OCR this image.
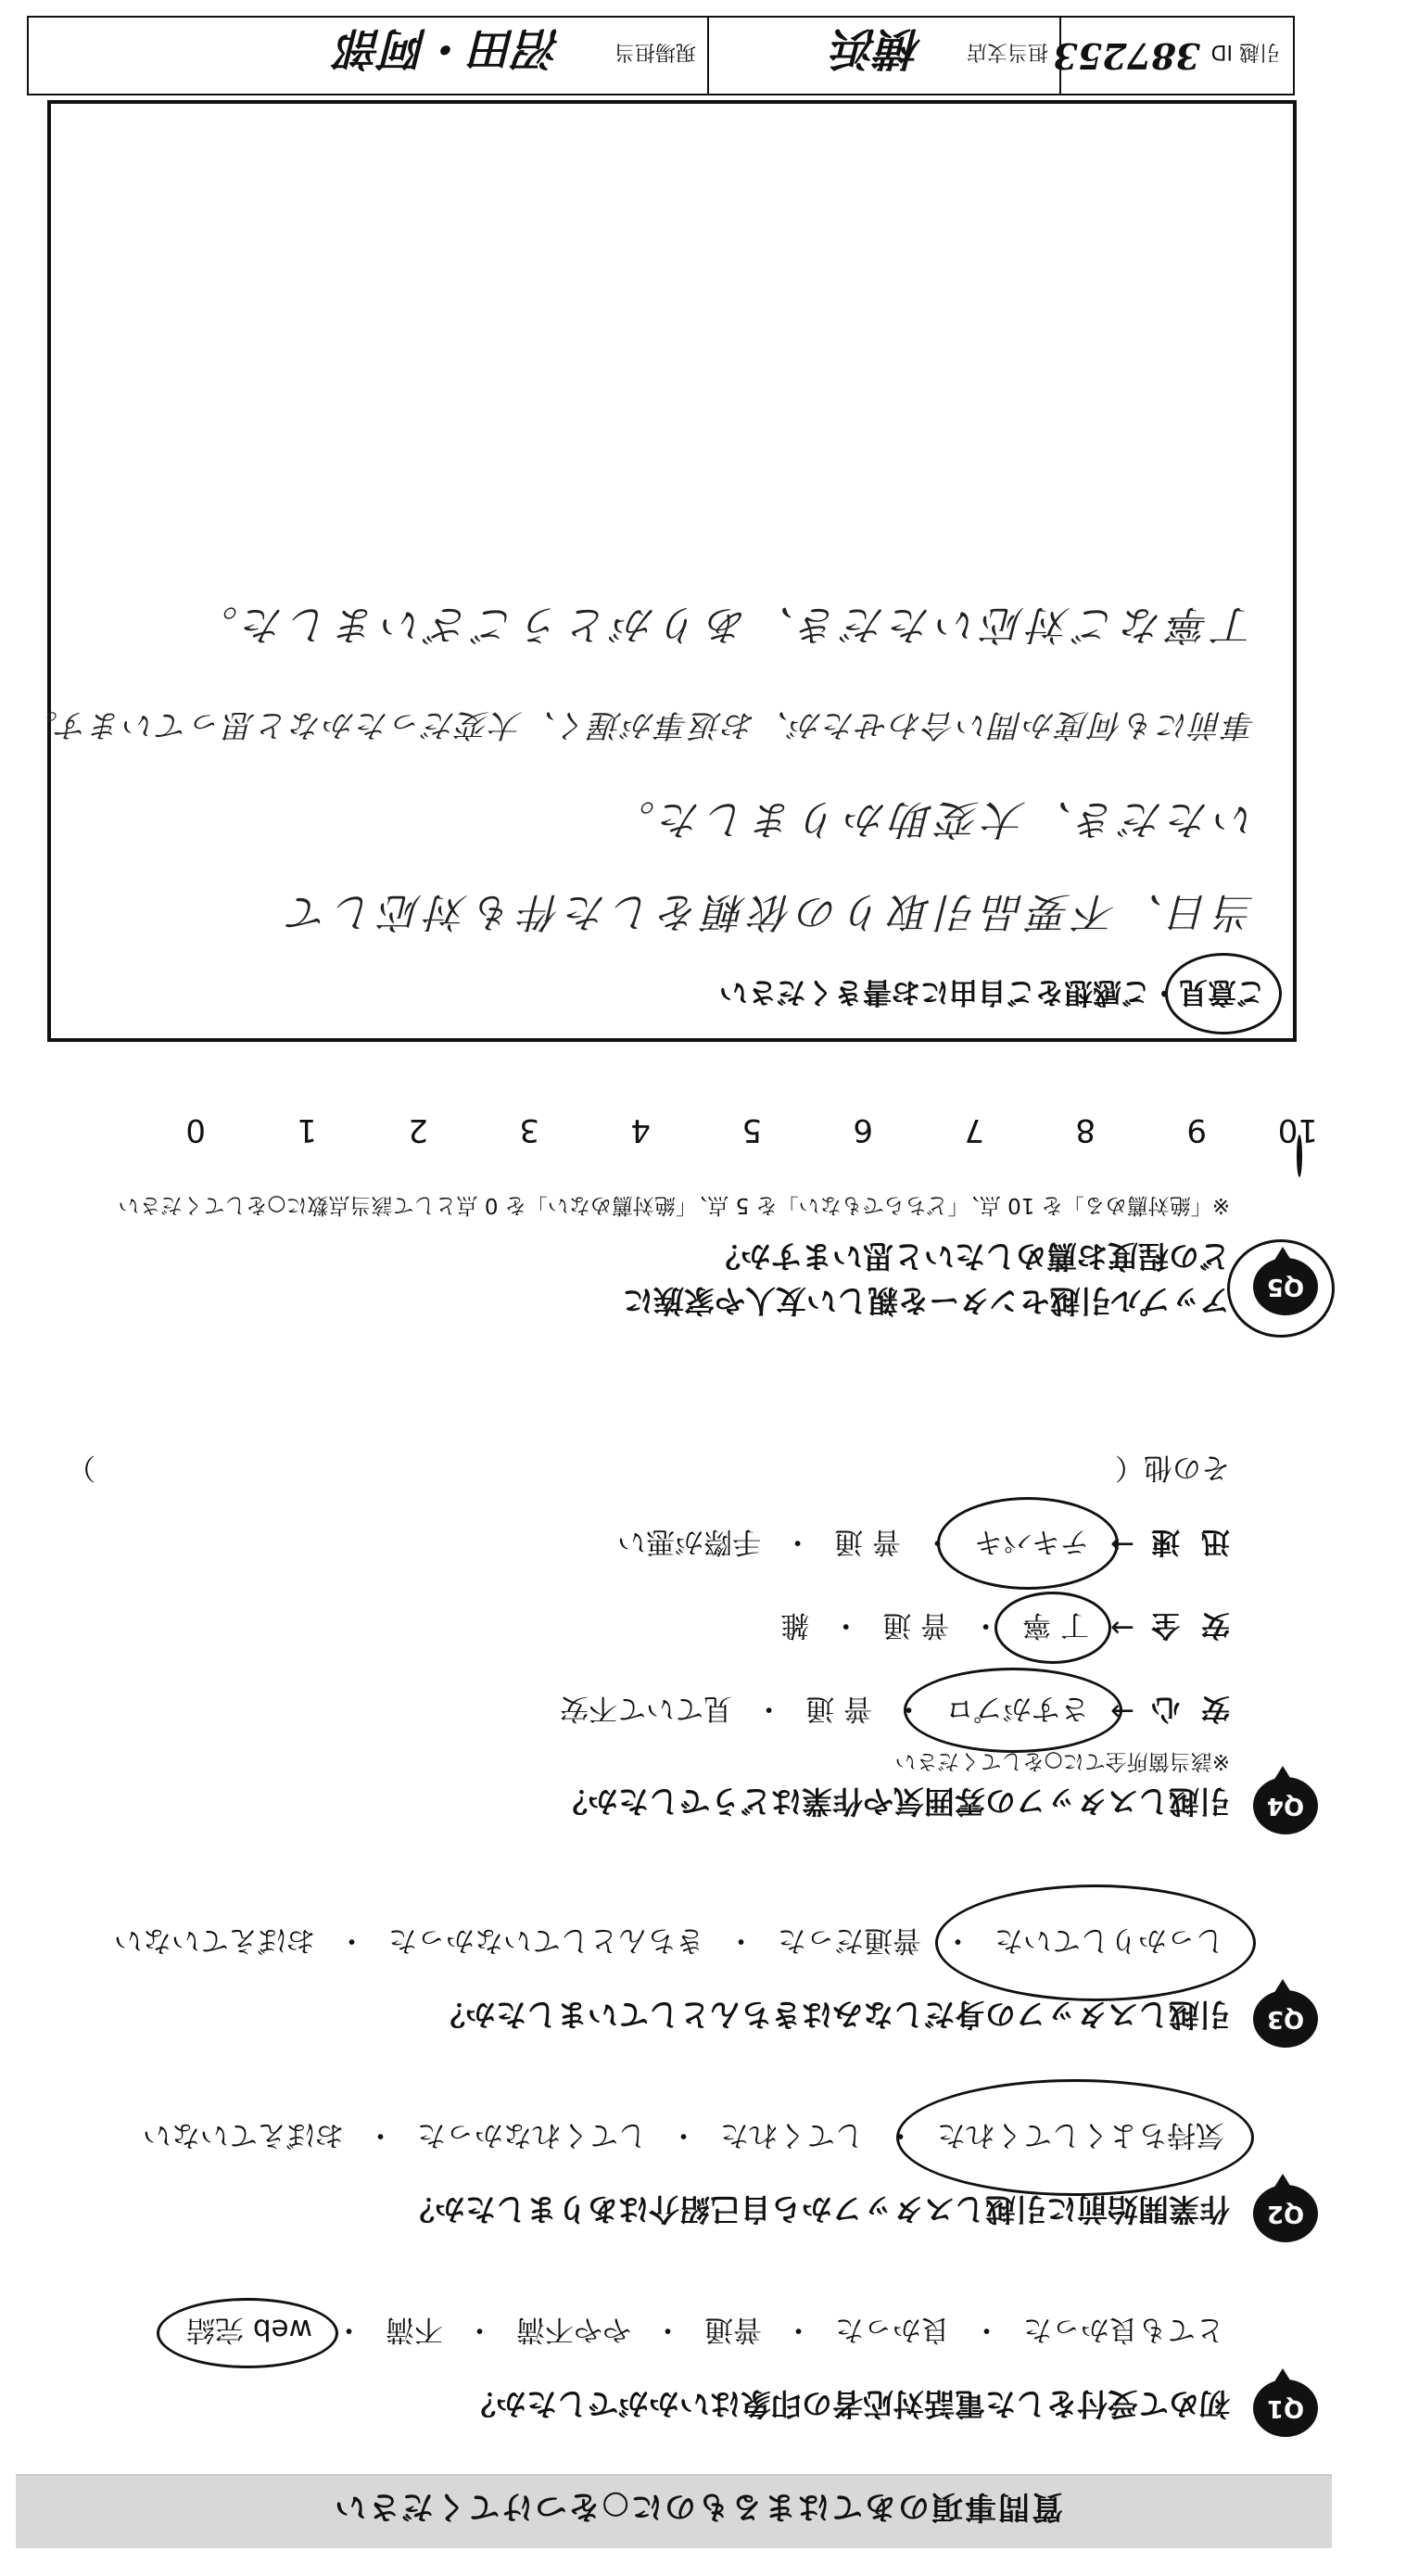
質問事項のあてはまるものに○をつけてください
Q1
初めて受付をした電話対応者の印象はいかがでしたか？
とても良かった
・
良かった
・
普通
・
やや不満
・
不満
・
web 完結
Q2
作業開始前に引越しスタッフから自己紹介はありましたか？
気持ちよくしてくれた
・
してくれた
・
してくれなかった
・
おぼえていない
Q3
引越しスタッフの身だしなみはきちんとしていましたか？
しっかりしていた
・
普通だった
・
きちんとしていなかった
・
おぼえていない
Q4
引越しスタッフの雰囲気や作業はどうでしたか？
※該当箇所全てに○をしてください
安 心
→
さすがプロ
・
普 通
・
見ていて不安
安 全
→
丁 寧
・
普 通
・
雑
迅 速
→
テキパキ
・
普 通
・
手際が悪い
その他（
）
Q5
アップル引越センターを親しい友人や家族に
どの程度お薦めしたいと思いますか？
※「絶対薦める」を 10 点、「どちらでもない」を 5 点、「絶対薦めない」を 0 点として該当点数に○をしてください
10
9
8
7
6
5
4
3
2
1
0
ご意見・ご感想をご自由にお書きください
当日、不要品引取りの依頼をした件も対応して
いただき、大変助かりました。
事前にも何度か問い合わせたが、お返事が遅く、大変だったかなと思っています。
丁寧なご対応いただき、ありがとうございました。
引越 ID
387253
担当支店
横浜
現場担当
沼田・阿部
